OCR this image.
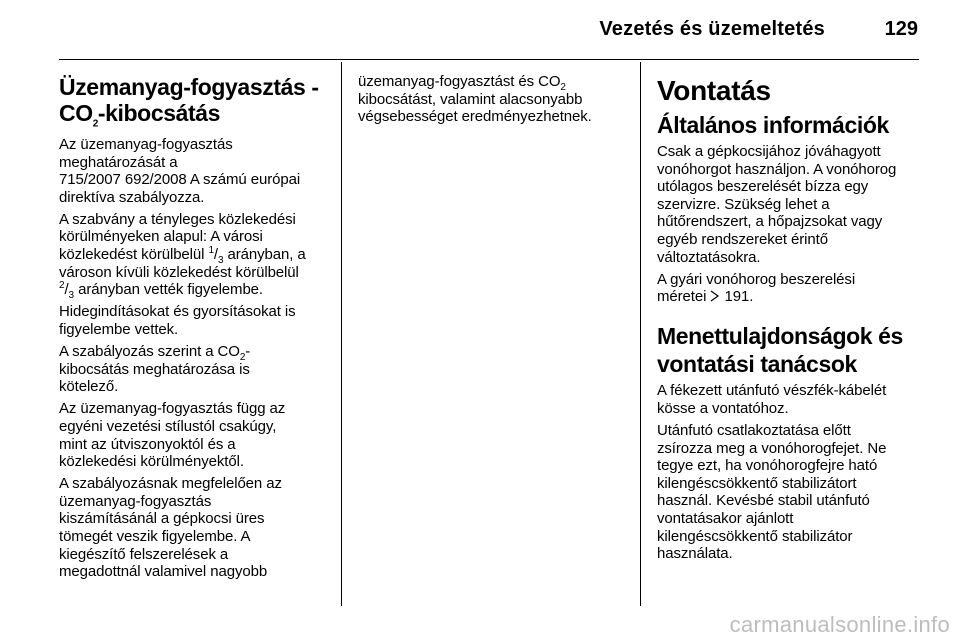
Vezetés és üzemeltetés	129
Üzemanyag-fogyasztás -
$CO_2$-kibocsátás

Az üzemanyag-fogyasztás
meghatározását a
715/2007 692/2008 A számú európai
direktíva szabályozza.

A szabvány a tényleges közlekedési
körülményeken alapul: A városi
közlekedést körülbelül $^1/_3$ arányban, a
városon kívüli közlekedést körülbelül
$^2/_3$ arányban vették figyelembe.

Hidegindításokat és gyorsításokat is
figyelembe vettek.

A szabályozás szerint a $CO_2-$
kibocsátás meghatározása is
kötelező.

Az üzemanyag-fogyasztás függ az
egyéni vezetési stílustól csakúgy,
mint az útviszonyoktól és a
közlekedési körülményektől.

A szabályozásnak megfelelően az
üzemanyag-fogyasztás
kiszámításánál a gépkocsi üres
tömegét veszik figyelembe. A
kiegészítő felszerelések a
megadottnál valamivel nagyobb

üzemanyag-fogyasztást és $CO_2$
kibocsátást, valamint alacsonyabb
végsebességet eredményezhetnek.

Vontatás
Általános információk

Csak a gépkocsijához jóváhagyott
vonóhorgot használjon. A vonóhorog
utólagos beszerelését bízza egy
szervizre. Szükség lehet a
hűtőrendszert, a hőpajzsokat vagy
egyéb rendszereket érintő
változtatásokra.

A gyári vonóhorog beszerelési
méretei  191.

Menettulajdonságok és
vontatási tanácsok

A fékezett utánfutó vészfék-kábelét
kösse a vontatóhoz.

Utánfutó csatlakoztatása előtt
zsírozza meg a vonóhorogfejet. Ne
tegye ezt, ha vonóhorogfejre ható
kilengéscsökkentő stabilizátort
használ. Kevésbé stabil utánfutó
vontatásakor ajánlott
kilengéscsökkentő stabilizátor
használata.

carmanualsonline.info
